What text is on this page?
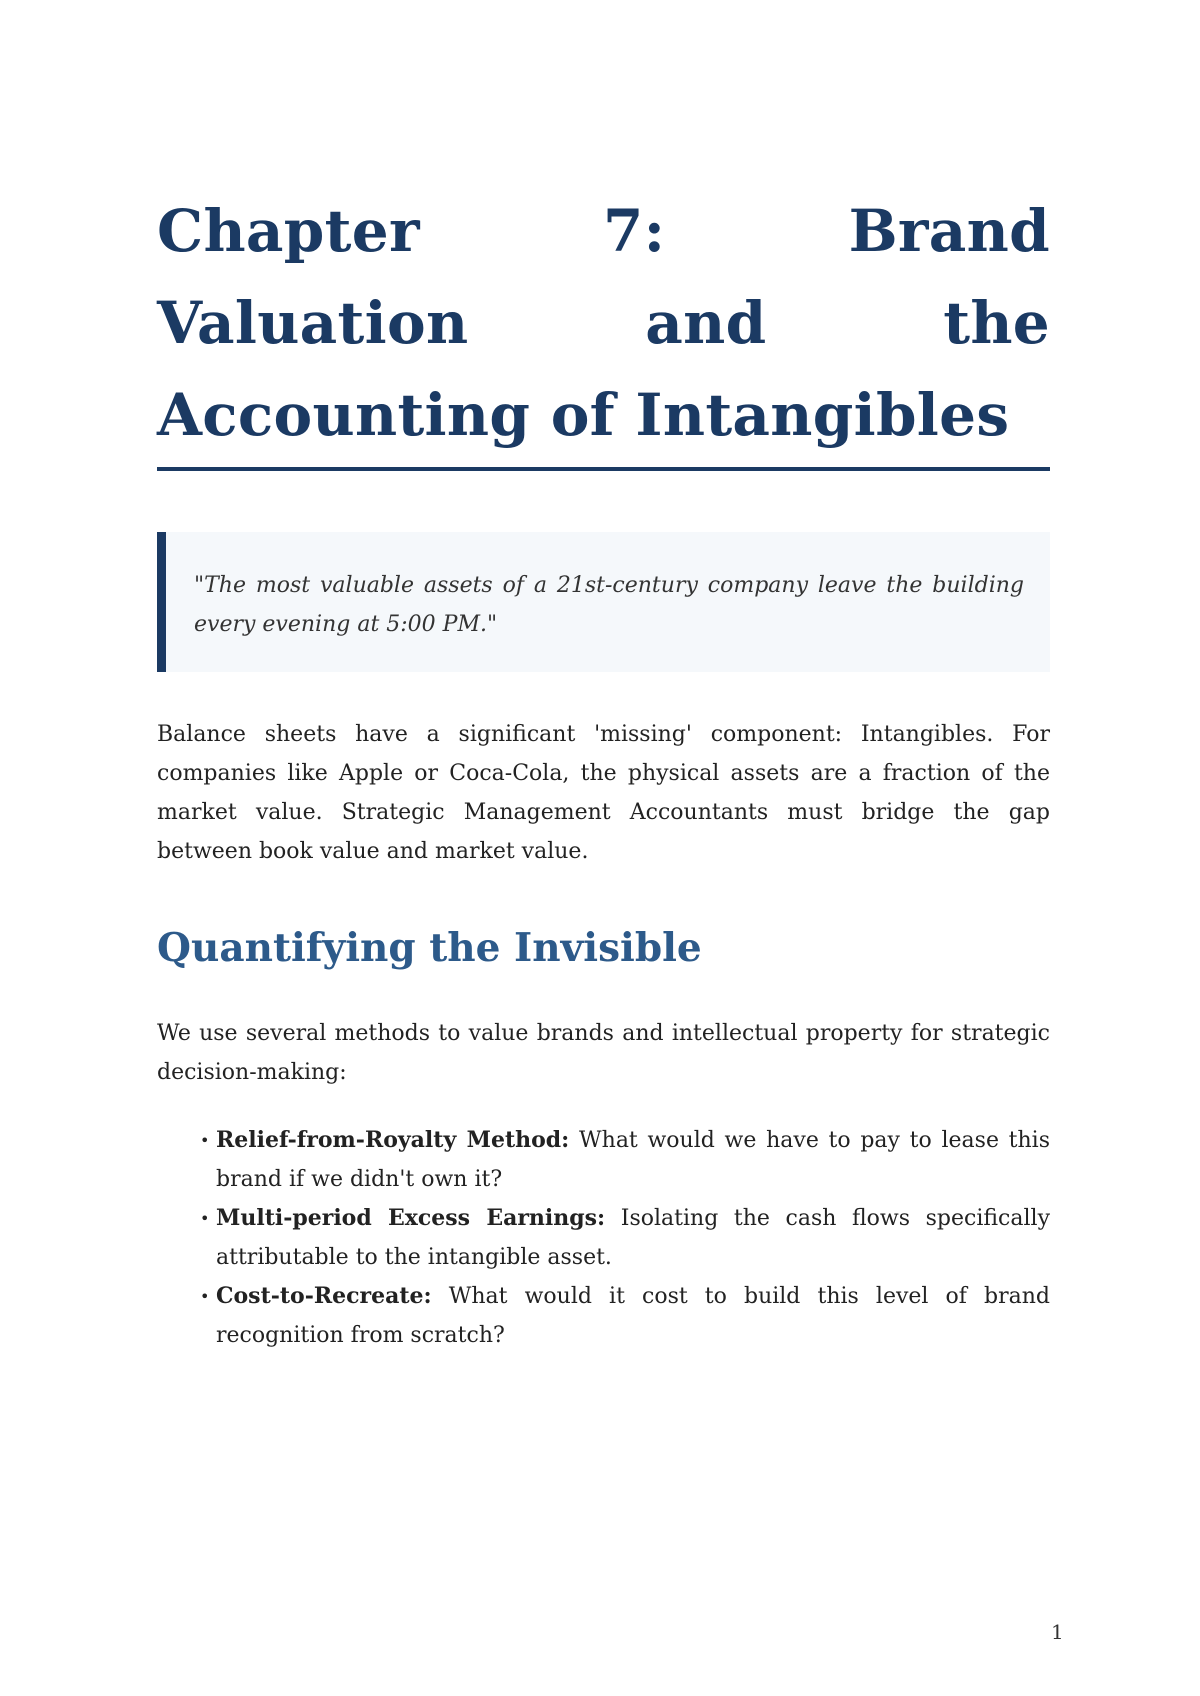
Chapter 7: Brand Valuation and the Accounting of Intangibles

"The most valuable assets of a 21st-century company leave the building every evening at 5:00 PM."

Balance sheets have a significant 'missing' component: Intangibles. For companies like Apple or Coca-Cola, the physical assets are a fraction of the market value. Strategic Management Accountants must bridge the gap between book value and market value.

Quantifying the Invisible

We use several methods to value brands and intellectual property for strategic decision-making:

• Relief-from-Royalty Method: What would we have to pay to lease this brand if we didn't own it?
• Multi-period Excess Earnings: Isolating the cash flows specifically attributable to the intangible asset.
• Cost-to-Recreate: What would it cost to build this level of brand recognition from scratch?
1
